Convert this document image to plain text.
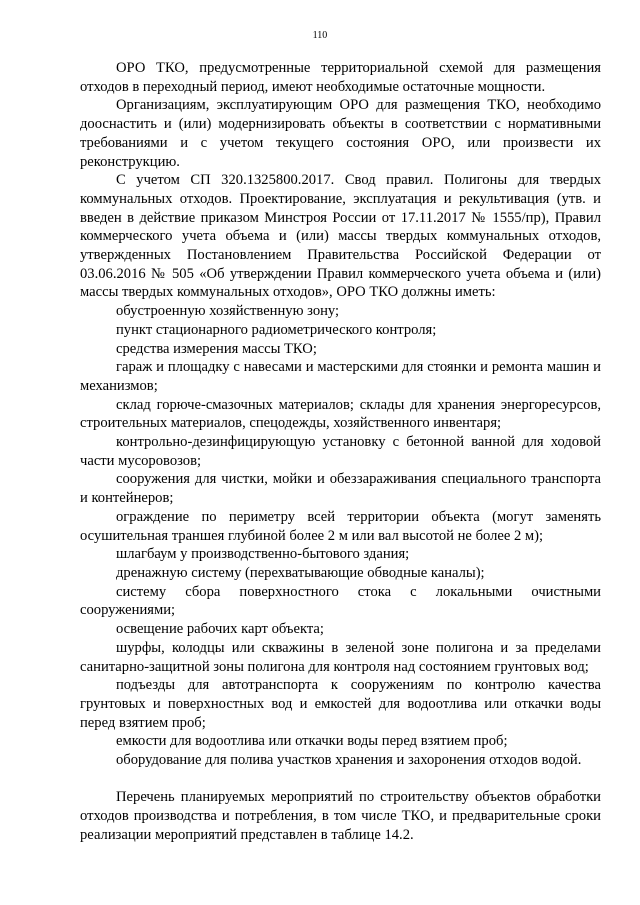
110

ОРО ТКО, предусмотренные территориальной схемой для размещения отходов в переходный период, имеют необходимые остаточные мощности.

Организациям, эксплуатирующим ОРО для размещения ТКО, необходимо дооснастить и (или) модернизировать объекты в соответствии с нормативными требованиями и с учетом текущего состояния ОРО, или произвести их реконструкцию.

С учетом СП 320.1325800.2017. Свод правил. Полигоны для твердых коммунальных отходов. Проектирование, эксплуатация и рекультивация (утв. и введен в действие приказом Минстроя России от 17.11.2017 № 1555/пр), Правил коммерческого учета объема и (или) массы твердых коммунальных отходов, утвержденных Постановлением Правительства Российской Федерации от 03.06.2016 № 505 «Об утверждении Правил коммерческого учета объема и (или) массы твердых коммунальных отходов», ОРО ТКО должны иметь:

обустроенную хозяйственную зону;

пункт стационарного радиометрического контроля;

средства измерения массы ТКО;

гараж и площадку с навесами и мастерскими для стоянки и ремонта машин и механизмов;

склад горюче-смазочных материалов; склады для хранения энергоресурсов, строительных материалов, спецодежды, хозяйственного инвентаря;

контрольно-дезинфицирующую установку с бетонной ванной для ходовой части мусоровозов;

сооружения для чистки, мойки и обеззараживания специального транспорта и контейнеров;

ограждение по периметру всей территории объекта (могут заменять осушительная траншея глубиной более 2 м или вал высотой не более 2 м);

шлагбаум у производственно-бытового здания;

дренажную систему (перехватывающие обводные каналы);

систему сбора поверхностного стока с локальными очистными сооружениями;

освещение рабочих карт объекта;

шурфы, колодцы или скважины в зеленой зоне полигона и за пределами санитарно-защитной зоны полигона для контроля над состоянием грунтовых вод;

подъезды для автотранспорта к сооружениям по контролю качества грунтовых и поверхностных вод и емкостей для водоотлива или откачки воды перед взятием проб;

емкости для водоотлива или откачки воды перед взятием проб;

оборудование для полива участков хранения и захоронения отходов водой.

Перечень планируемых мероприятий по строительству объектов обработки отходов производства и потребления, в том числе ТКО, и предварительные сроки реализации мероприятий представлен в таблице 14.2.
